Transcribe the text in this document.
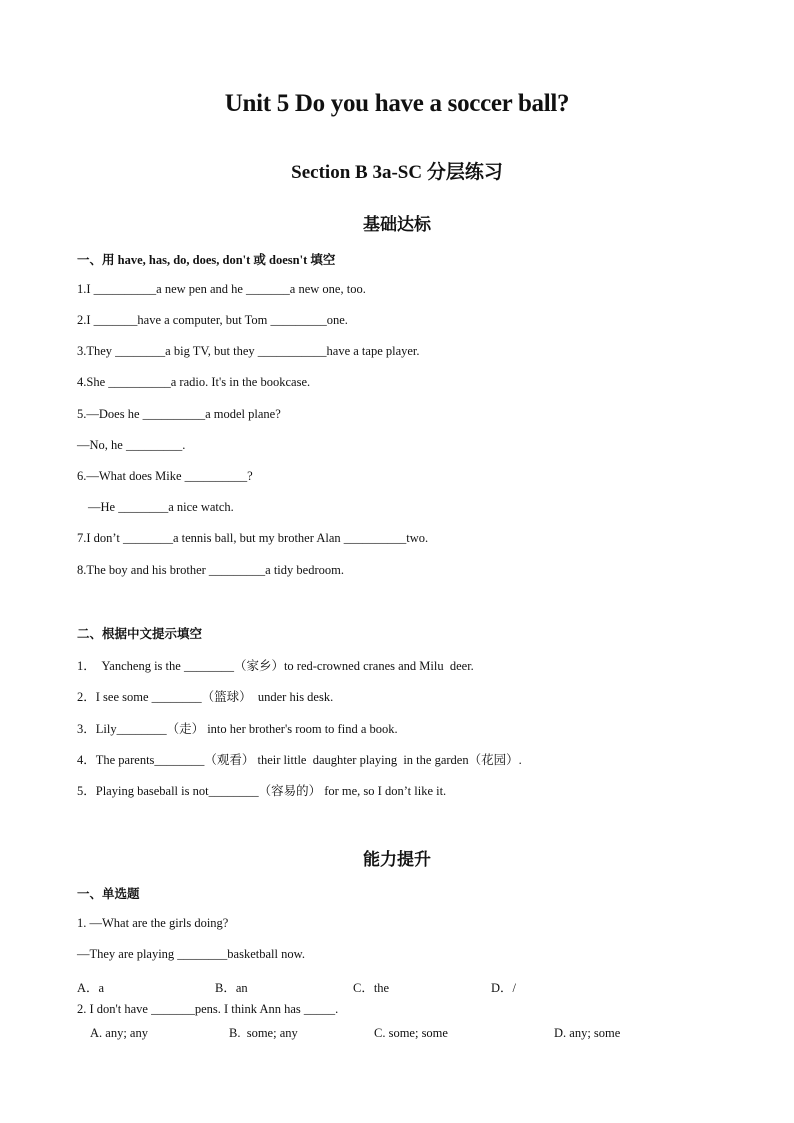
Unit 5 Do you have a soccer ball?
Section B 3a-SC 分层练习
基础达标
一、用 have, has, do, does, don't 或 doesn't 填空
1.I __________a new pen and he _______a new one, too.
2.I _______have a computer, but Tom _________one.
3.They ________a big TV, but they ___________have a tape player.
4.She __________a radio. It's in the bookcase.
5.—Does he __________a model plane?
—No, he _________.
6.—What does Mike __________?
—He ________a nice watch.
7.I don’t ________a tennis ball, but my brother Alan __________two.
8.The boy and his brother _________a tidy bedroom.
二、根据中文提示填空
1．  Yancheng is the ________（家乡）to red-crowned cranes and Milu  deer.
2．I see some ________（篮球）  under his desk.
3．Lily________（走） into her brother's room to find a book.
4．The parents________（观看） their little  daughter playing  in the garden（花园）.
5．Playing baseball is not________（容易的） for me, so I don’t like it.
能力提升
一、单选题
1. —What are the girls doing?
—They are playing ________basketball now.
A．a	B．an	C．the	D．/
2. I don't have _______pens. I think Ann has _____.
A. any; any	B.  some; any	C. some; some	D. any; some
